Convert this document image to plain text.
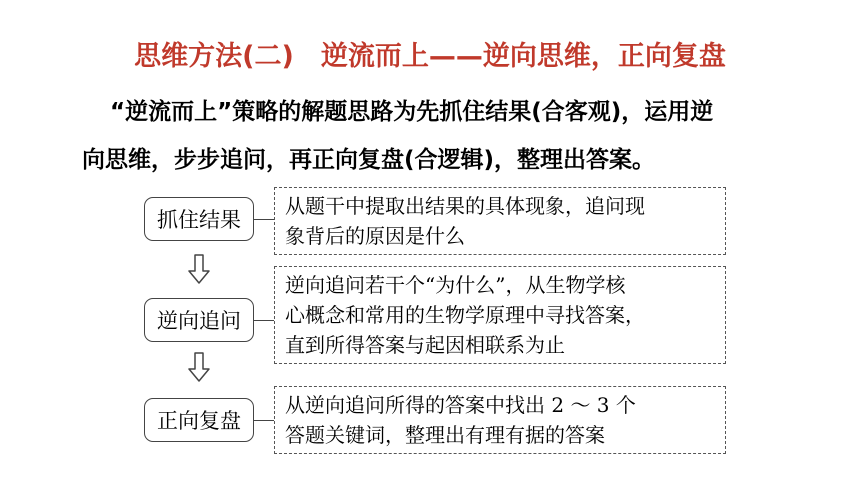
思维方法(二)　逆流而上——逆向思维，正向复盘
“逆流而上”策略的解题思路为先抓住结果(合客观)，运用逆
向思维，步步追问，再正向复盘(合逻辑)，整理出答案。
抓住结果
从题干中提取出结果的具体现象，追问现
象背后的原因是什么
逆向追问
逆向追问若干个“为什么”，从生物学核
心概念和常用的生物学原理中寻找答案，
直到所得答案与起因相联系为止
正向复盘
从逆向追问所得的答案中找出 2 ～ 3 个
答题关键词，整理出有理有据的答案
